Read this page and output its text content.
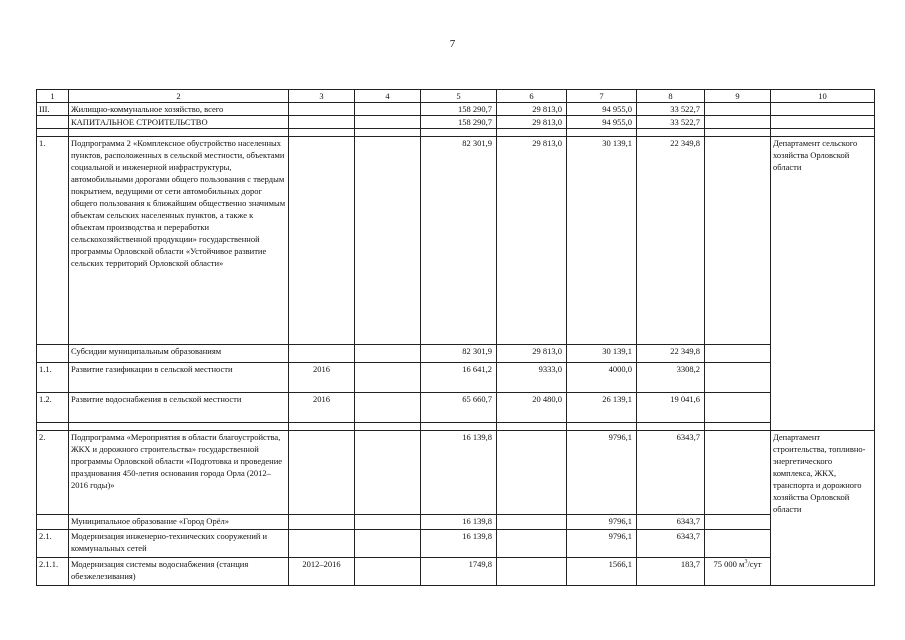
7
1	2	3	4	5	6	7	8	9	10
III.	Жилищно-коммунальное хозяйство, всего			158 290,7	29 813,0	94 955,0	33 522,7		
	КАПИТАЛЬНОЕ СТРОИТЕЛЬСТВО			158 290,7	29 813,0	94 955,0	33 522,7		

1.	Подпрограмма 2 «Комплексное обустройство населенных пунктов, расположенных в сельской местности, объектами социальной и инженерной инфраструктуры, автомобильными дорогами общего пользования с твердым покрытием, ведущими от сети автомобильных дорог общего пользования к ближайшим общественно значимым объектам сельских населенных пунктов, а также к объектам производства и переработки сельскохозяйственной продукции» государственной программы Орловской области «Устойчивое развитие сельских территорий Орловской области»			82 301,9	29 813,0	30 139,1	22 349,8		Департамент сельского хозяйства Орловской области
	Субсидии муниципальным образованиям			82 301,9	29 813,0	30 139,1	22 349,8		
1.1.	Развитие газификации в сельской местности	2016		16 641,2	9333,0	4000,0	3308,2		
1.2.	Развитие водоснабжения в сельской местности	2016		65 660,7	20 480,0	26 139,1	19 041,6		

2.	Подпрограмма «Мероприятия в области благоустройства, ЖКХ и дорожного строительства» государственной программы Орловской области «Подготовка и проведение празднования 450-летия основания города Орла (2012–2016 годы)»			16 139,8		9796,1	6343,7		Департамент строительства, топливно-энергетического комплекса, ЖКХ, транспорта и дорожного хозяйства Орловской области
	Муниципальное образование «Город Орёл»			16 139,8		9796,1	6343,7		
2.1.	Модернизация инженерно-технических сооружений и коммунальных сетей			16 139,8		9796,1	6343,7		
2.1.1.	Модернизация системы водоснабжения (станция обезжелезивания)	2012–2016		1749,8		1566,1	183,7	75 000 $м^3$/сут	
